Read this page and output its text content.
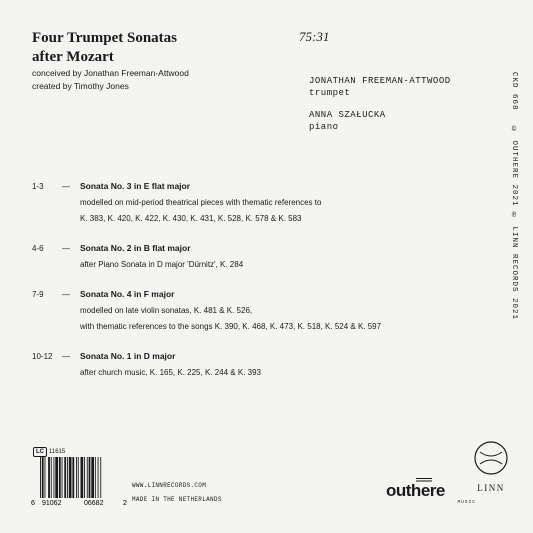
Four Trumpet Sonatas
after Mozart
conceived by Jonathan Freeman-Attwood
created by Timothy Jones
75:31
JONATHAN FREEMAN-ATTWOOD
trumpet
ANNA SZAŁUCKA
piano
CKD 668
© OUTHERE 2021 ℗ LINN RECORDS 2021
1-3	—	Sonata No. 3 in E flat major
modelled on mid-period theatrical pieces with thematic references to
K. 383, K. 420, K. 422, K. 430, K. 431, K. 528, K. 578 & K. 583
4-6	—	Sonata No. 2 in B flat major
after Piano Sonata in D major 'Dürnitz', K. 284
7-9	—	Sonata No. 4 in F major
modelled on late violin sonatas, K. 481 & K. 526,
with thematic references to the songs K. 390, K. 468, K. 473, K. 518, K. 524 & K. 597
10-12	—	Sonata No. 1 in D major
after church music, K. 165, K. 225, K. 244 & K. 393
LC 11615
6 91062	06682	2
WWW.LINNRECORDS.COM
MADE IN THE NETHERLANDS	outhere
MUSIC
LINN
